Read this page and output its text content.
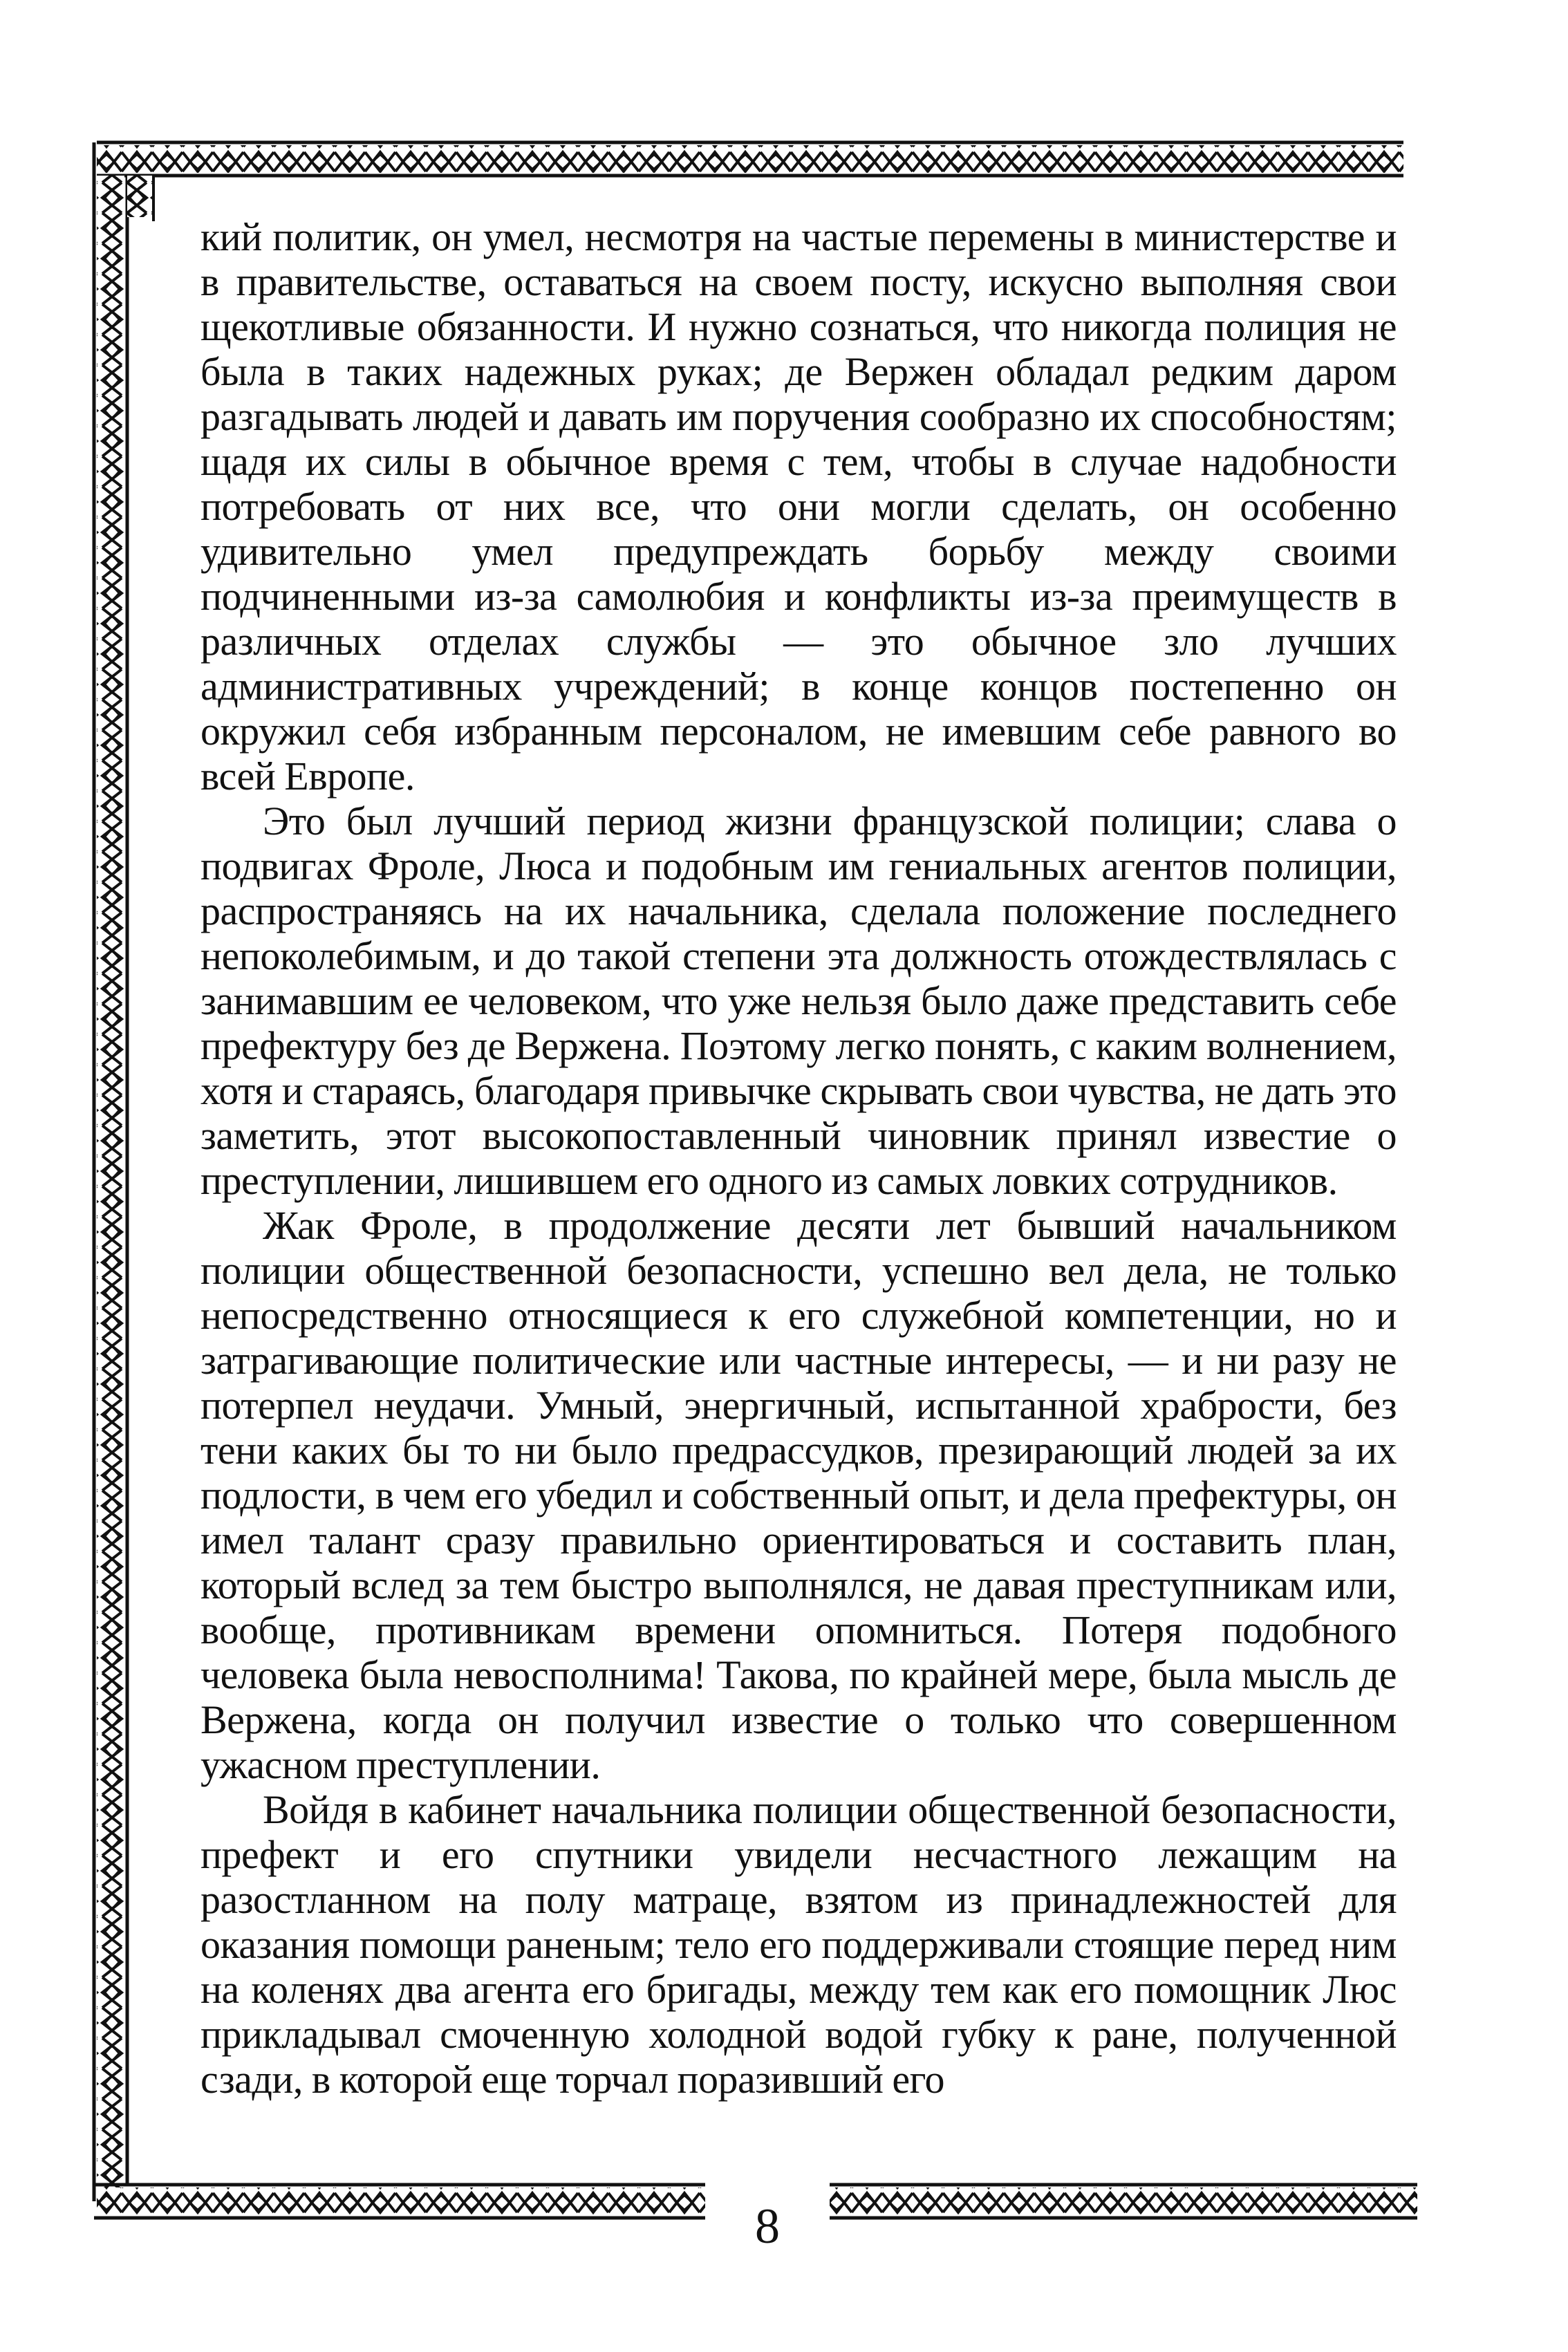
кий политик, он умел, несмотря на частые перемены в министерстве и в правительстве, оставаться на своем посту, искусно выполняя свои щекотливые обязанности. И нужно сознаться, что никогда полиция не была в таких надежных руках; де Вержен обладал редким даром разгадывать людей и давать им поручения сообразно их способностям; щадя их силы в обычное время с тем, чтобы в случае надобности потребовать от них все, что они могли сделать, он особенно удивительно умел предупреждать борьбу между своими подчиненными из-за самолюбия и конфликты из-за преимуществ в различных отделах службы — это обычное зло лучших административных учреждений; в конце концов постепенно он окружил себя избранным персоналом, не имевшим себе равного во всей Европе.

Это был лучший период жизни французской полиции; слава о подвигах Фроле, Люса и подобным им гениальных агентов полиции, распространяясь на их начальника, сделала положение последнего непоколебимым, и до такой степени эта должность отождествлялась с занимавшим ее человеком, что уже нельзя было даже представить себе префектуру без де Вержена. Поэтому легко понять, с каким волнением, хотя и стараясь, благодаря привычке скрывать свои чувства, не дать это заметить, этот высокопоставленный чиновник принял известие о преступлении, лишившем его одного из самых ловких сотрудников.

Жак Фроле, в продолжение десяти лет бывший начальником полиции общественной безопасности, успешно вел дела, не только непосредственно относящиеся к его служебной компетенции, но и затрагивающие политические или частные интересы, — и ни разу не потерпел неудачи. Умный, энергичный, испытанной храбрости, без тени каких бы то ни было предрассудков, презирающий людей за их подлости, в чем его убедил и собственный опыт, и дела префектуры, он имел талант сразу правильно ориентироваться и составить план, который вслед за тем быстро выполнялся, не давая преступникам или, вообще, противникам времени опомниться. Потеря подобного человека была невосполнима! Такова, по крайней мере, была мысль де Вержена, когда он получил известие о только что совершенном ужасном преступлении.

Войдя в кабинет начальника полиции общественной безопасности, префект и его спутники увидели несчастного лежащим на разостланном на полу матраце, взятом из принадлежностей для оказания помощи раненым; тело его поддерживали стоящие перед ним на коленях два агента его бригады, между тем как его помощник Люс прикладывал смоченную холодной водой губку к ране, полученной сзади, в которой еще торчал поразивший его

8
